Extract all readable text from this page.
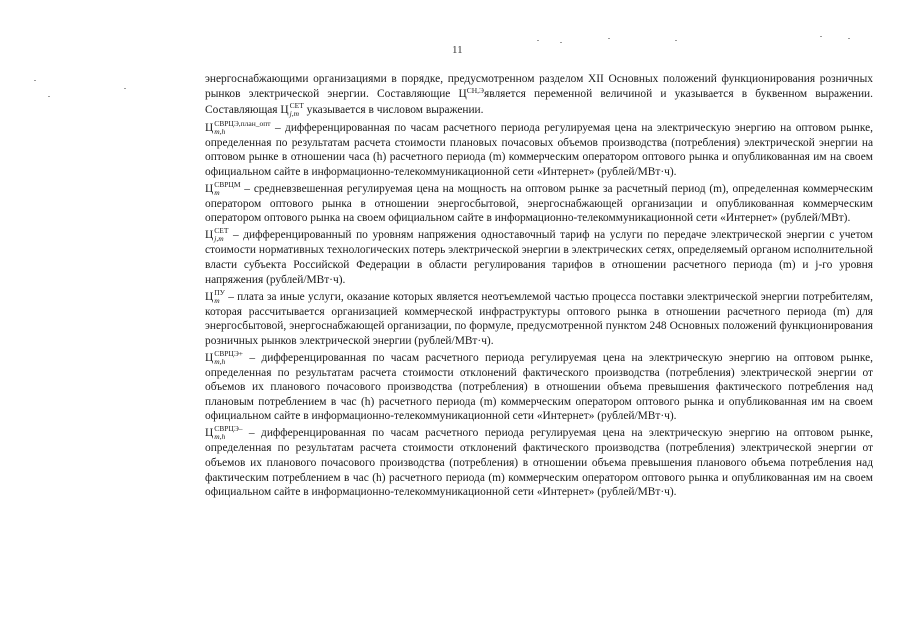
11

энергоснабжающими организациями в порядке, предусмотренном разделом XII Основных положений функционирования розничных рынков электрической энергии. Составляющие $Ц^{СН,Э}является$ переменной величиной и указывается в буквенном выражении. Составляющая Ц СЕТ
j,m указывается в числовом выражении.

Ц СВРЦЭ,план_опт
m,h	– дифференцированная по часам расчетного периода регулируемая цена на электрическую энергию на оптовом рынке, определенная по результатам расчета стоимости плановых почасовых объемов производства (потребления) электрической энергии на оптовом рынке в отношении часа (h) расчетного периода (m) коммерческим оператором оптового рынка и опубликованная им на своем официальном сайте в информационно-телекоммуникационной сети «Интернет» (рублей/МВт·ч).

Ц СВРЦМ
m	– средневзвешенная регулируемая цена на мощность на оптовом рынке за расчетный период (m), определенная коммерческим оператором оптового рынка в отношении энергосбытовой, энергоснабжающей организации и опубликованная коммерческим оператором оптового рынка на своем официальном сайте в информационно-телекоммуникационной сети «Интернет» (рублей/МВт).

Ц СЕТ
j,m – дифференцированный по уровням напряжения одноставочный тариф на услуги по передаче электрической энергии с учетом стоимости нормативных технологических потерь электрической энергии в электрических сетях, определяемый органом исполнительной власти субъекта Российской Федерации в области регулирования тарифов в отношении расчетного периода (m) и j-го уровня напряжения (рублей/МВт·ч).

Ц ПУ
m – плата за иные услуги, оказание которых является неотъемлемой частью процесса поставки электрической энергии потребителям, которая рассчитывается организацией коммерческой инфраструктуры оптового рынка в отношении расчетного периода (m) для энергосбытовой, энергоснабжающей организации, по формуле, предусмотренной пунктом 248 Основных положений функционирования розничных рынков электрической энергии (рублей/МВт·ч).

Ц СВРЦЭ+
m,h	– дифференцированная по часам расчетного периода регулируемая цена на электрическую энергию на оптовом рынке, определенная по результатам расчета стоимости отклонений фактического производства (потребления) электрической энергии от объемов их планового почасового производства (потребления) в отношении объема превышения фактического потребления над плановым потреблением в час (h) расчетного периода (m) коммерческим оператором оптового рынка и опубликованная им на своем официальном сайте в информационно-телекоммуникационной сети «Интернет» (рублей/МВт·ч).

Ц СВРЦЭ–
m,h	– дифференцированная по часам расчетного периода регулируемая цена на электрическую энергию на оптовом рынке, определенная по результатам расчета стоимости отклонений фактического производства (потребления) электрической энергии от объемов их планового почасового производства (потребления) в отношении объема превышения планового объема потребления над фактическим потреблением в час (h) расчетного периода (m) коммерческим оператором оптового рынка и опубликованная им на своем официальном сайте в информационно-телекоммуникационной сети «Интернет» (рублей/МВт·ч).
